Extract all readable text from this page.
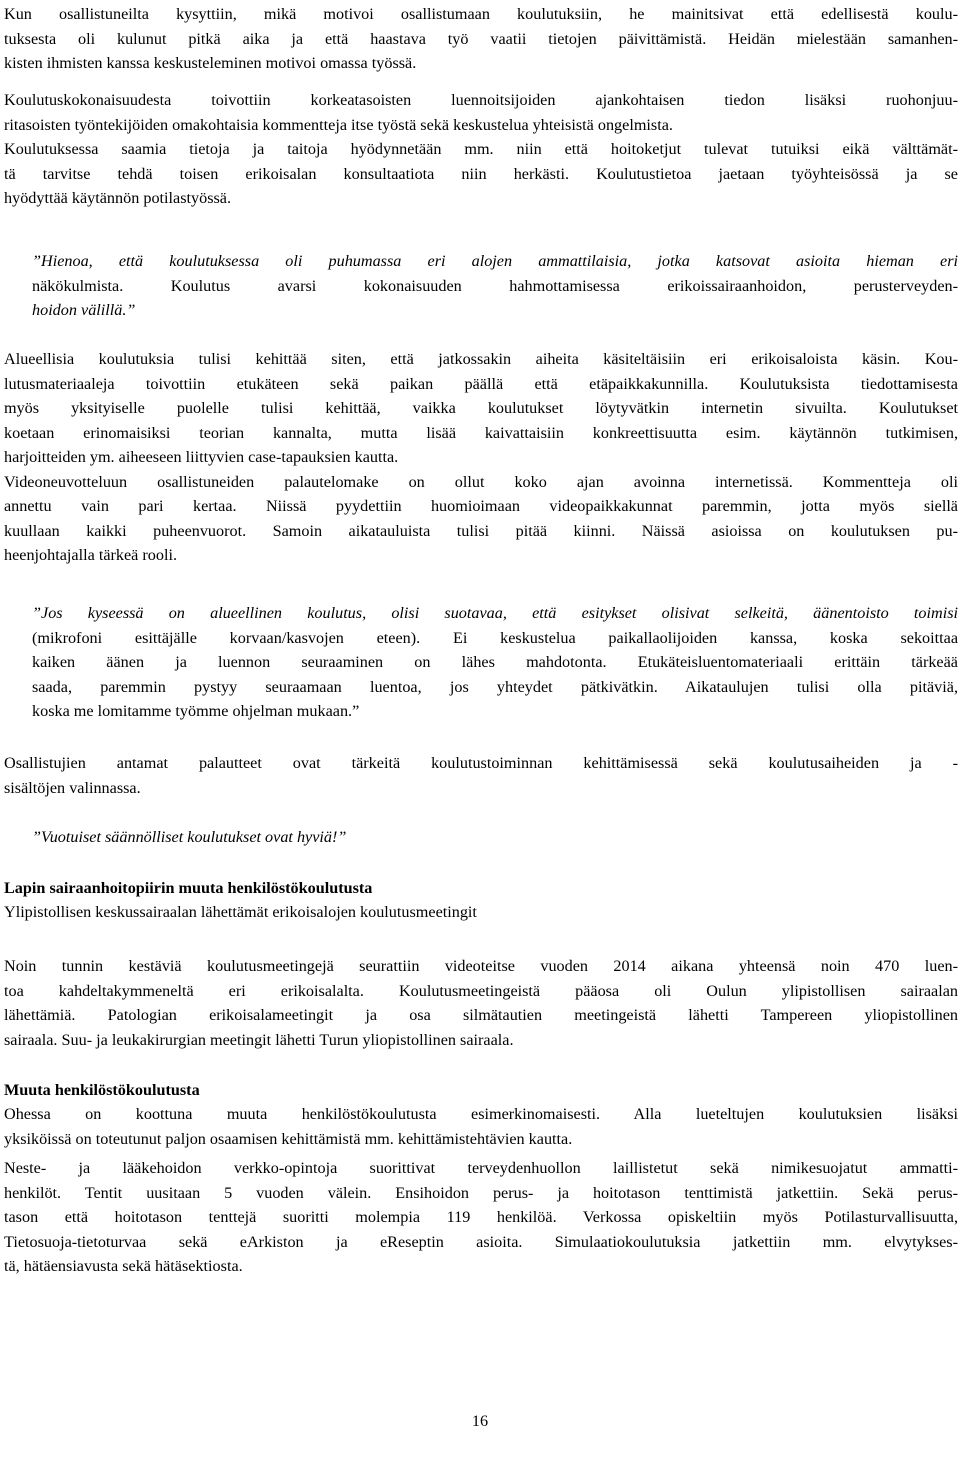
Kun osallistuneilta kysyttiin, mikä motivoi osallistumaan koulutuksiin, he mainitsivat että edellisestä koulu-
tuksesta oli kulunut pitkä aika ja että haastava työ vaatii tietojen päivittämistä. Heidän mielestään samanhen-
kisten ihmisten kanssa keskusteleminen motivoi omassa työssä.

Koulutuskokonaisuudesta toivottiin korkeatasoisten luennoitsijoiden ajankohtaisen tiedon lisäksi ruohonjuu-
ritasoisten työntekijöiden omakohtaisia kommentteja itse työstä sekä keskustelua yhteisistä ongelmista.
Koulutuksessa saamia tietoja ja taitoja hyödynnetään mm. niin että hoitoketjut tulevat tutuiksi eikä välttämät-
tä tarvitse tehdä toisen erikoisalan konsultaatiota niin herkästi. Koulutustietoa jaetaan työyhteisössä ja se
hyödyttää käytännön potilastyössä.

”Hienoa, että koulutuksessa oli puhumassa eri alojen ammattilaisia, jotka katsovat asioita hieman eri
näkökulmista. Koulutus avarsi kokonaisuuden hahmottamisessa erikoissairaanhoidon, perusterveyden-
hoidon välillä.”

Alueellisia koulutuksia tulisi kehittää siten, että jatkossakin aiheita käsiteltäisiin eri erikoisaloista käsin. Kou-
lutusmateriaaleja toivottiin etukäteen sekä paikan päällä että etäpaikkakunnilla. Koulutuksista tiedottamisesta
myös yksityiselle puolelle tulisi kehittää, vaikka koulutukset löytyvätkin internetin sivuilta. Koulutukset
koetaan erinomaisiksi teorian kannalta, mutta lisää kaivattaisiin konkreettisuutta esim. käytännön tutkimisen,
harjoitteiden ym. aiheeseen liittyvien case-tapauksien kautta.
Videoneuvotteluun osallistuneiden palautelomake on ollut koko ajan avoinna internetissä. Kommentteja oli
annettu vain pari kertaa. Niissä pyydettiin huomioimaan videopaikkakunnat paremmin, jotta myös siellä
kuullaan kaikki puheenvuorot. Samoin aikatauluista tulisi pitää kiinni. Näissä asioissa on koulutuksen pu-
heenjohtajalla tärkeä rooli.

”Jos kyseessä on alueellinen koulutus, olisi suotavaa, että esitykset olisivat selkeitä, äänentoisto toimisi
(mikrofoni esittäjälle korvaan/kasvojen eteen). Ei keskustelua paikallaolijoiden kanssa, koska sekoittaa
kaiken äänen ja luennon seuraaminen on lähes mahdotonta. Etukäteisluentomateriaali erittäin tärkeää
saada, paremmin pystyy seuraamaan luentoa, jos yhteydet pätkivätkin. Aikataulujen tulisi olla pitäviä,
koska me lomitamme työmme ohjelman mukaan.”

Osallistujien antamat palautteet ovat tärkeitä koulutustoiminnan kehittämisessä sekä koulutusaiheiden ja -
sisältöjen valinnassa.

”Vuotuiset säännölliset koulutukset ovat hyviä!”

Lapin sairaanhoitopiirin muuta henkilöstökoulutusta

Ylipistollisen keskussairaalan lähettämät erikoisalojen koulutusmeetingit

Noin tunnin kestäviä koulutusmeetingejä seurattiin videoteitse vuoden 2014 aikana yhteensä noin 470 luen-
toa kahdeltakymmeneltä eri erikoisalalta. Koulutusmeetingeistä pääosa oli Oulun ylipistollisen sairaalan
lähettämiä. Patologian erikoisalameetingit ja osa silmätautien meetingeistä lähetti Tampereen yliopistollinen
sairaala. Suu- ja leukakirurgian meetingit lähetti Turun yliopistollinen sairaala.

Muuta henkilöstökoulutusta

Ohessa on koottuna muuta henkilöstökoulutusta esimerkinomaisesti. Alla lueteltujen koulutuksien lisäksi
yksiköissä on toteutunut paljon osaamisen kehittämistä mm. kehittämistehtävien kautta.

Neste- ja lääkehoidon verkko-opintoja suorittivat terveydenhuollon laillistetut sekä nimikesuojatut ammatti-
henkilöt. Tentit uusitaan 5 vuoden välein. Ensihoidon perus- ja hoitotason tenttimistä jatkettiin. Sekä perus-
tason että hoitotason tenttejä suoritti molempia 119 henkilöä. Verkossa opiskeltiin myös Potilasturvallisuutta,
Tietosuoja-tietoturvaa sekä eArkiston ja eReseptin asioita. Simulaatiokoulutuksia jatkettiin mm. elvytykses-
tä, hätäensiavusta sekä hätäsektiosta.

16
